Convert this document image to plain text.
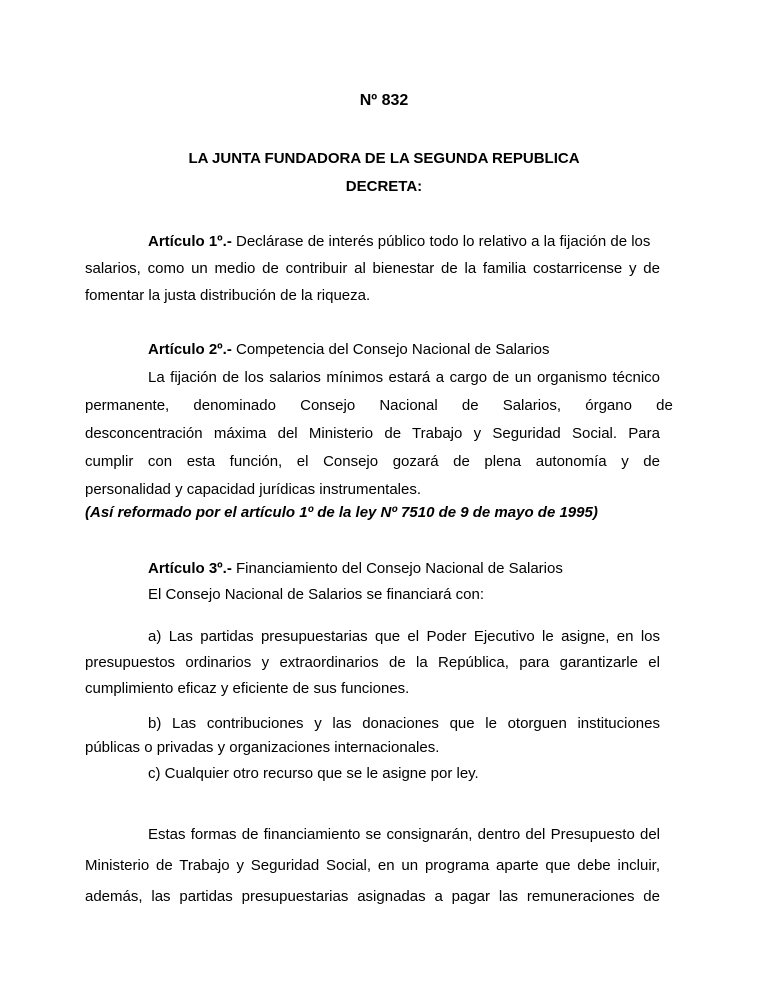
Nº 832

LA JUNTA FUNDADORA DE LA SEGUNDA REPUBLICA

DECRETA:

Artículo 1º.- Declárase de interés público todo lo relativo a la fijación de los

salarios, como un medio de contribuir al bienestar de la familia costarricense y de

fomentar la justa distribución de la riqueza.

Artículo 2º.- Competencia del Consejo Nacional de Salarios

La fijación de los salarios mínimos estará a cargo de un organismo técnico

permanente, denominado Consejo Nacional de Salarios, órgano de

desconcentración máxima del Ministerio de Trabajo y Seguridad Social. Para

cumplir con esta función, el Consejo gozará de plena autonomía y de

personalidad y capacidad jurídicas instrumentales.

(Así reformado por el artículo 1º de la ley Nº 7510 de 9 de mayo de 1995)

Artículo 3º.- Financiamiento del Consejo Nacional de Salarios

El Consejo Nacional de Salarios se financiará con:

a) Las partidas presupuestarias que el Poder Ejecutivo le asigne, en los

presupuestos ordinarios y extraordinarios de la República, para garantizarle el

cumplimiento eficaz y eficiente de sus funciones.

b) Las contribuciones y las donaciones que le otorguen instituciones

públicas o privadas y organizaciones internacionales.

c) Cualquier otro recurso que se le asigne por ley.

Estas formas de financiamiento se consignarán, dentro del Presupuesto del

Ministerio de Trabajo y Seguridad Social, en un programa aparte que debe incluir,

además, las partidas presupuestarias asignadas a pagar las remuneraciones de
